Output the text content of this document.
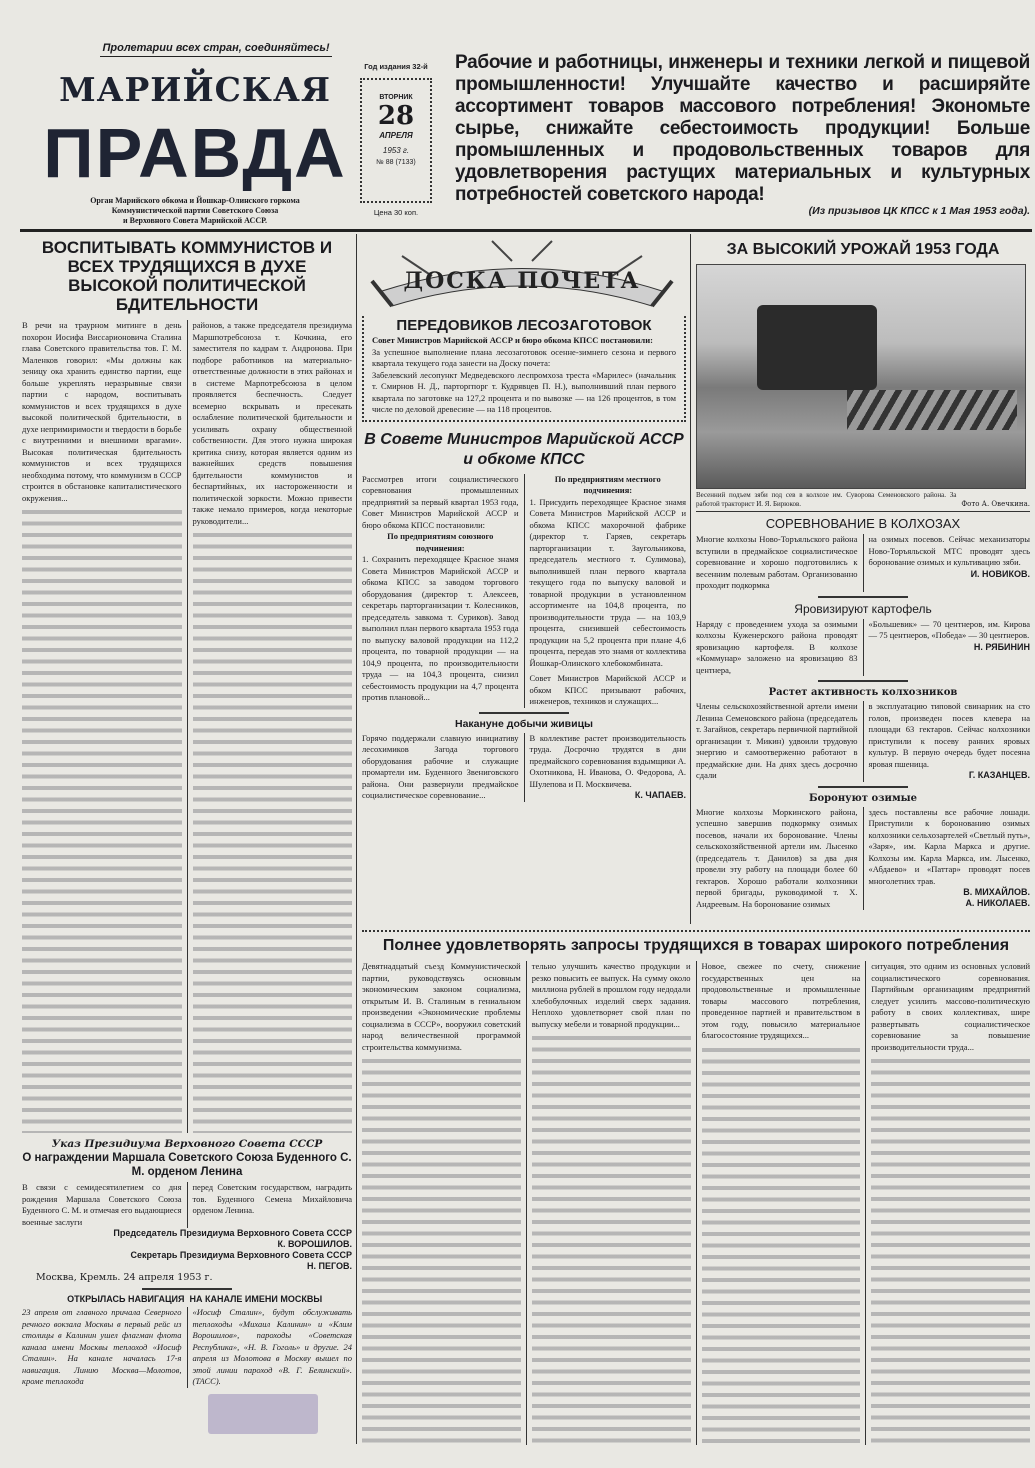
Пролетарии всех стран, соединяйтесь!
МАРИЙСКАЯ
ПРАВДА
Орган Марийского обкома и Йошкар-Олинского горкома
Коммунистической партии Советского Союза
и Верховного Совета Марийской АССР.
Год издания 32-й
ВТОРНИК
28
АПРЕЛЯ
1953 г.
№ 88 (7133)
Цена 30 коп.
Рабочие и работницы, инженеры и техники легкой и пищевой промышленности! Улучшайте качество и расширяйте ассортимент товаров массового потребления! Экономьте сырье, снижайте себестоимость продукции! Больше промышленных и продовольственных товаров для удовлетворения растущих материальных и культурных потребностей советского народа!
(Из призывов ЦК КПСС к 1 Мая 1953 года).
ВОСПИТЫВАТЬ КОММУНИСТОВ И ВСЕХ ТРУДЯЩИХСЯ В ДУХЕ ВЫСОКОЙ ПОЛИТИЧЕСКОЙ БДИТЕЛЬНОСТИ
В речи на траурном митинге в день похорон Иосифа Виссарионовича Сталина глава Советского правительства тов. Г. М. Маленков говорил: «Мы должны как зеницу ока хранить единство партии, еще больше укреплять неразрывные связи партии с народом, воспитывать коммунистов и всех трудящихся в духе высокой политической бдительности, в духе непримиримости и твердости в борьбе с внутренними и внешними врагами». Высокая политическая бдительность коммунистов и всех трудящихся необходима потому, что коммунизм в СССР строится в обстановке капиталистического окружения...
районов, а также председателя президиума Маршпотребсоюза т. Кочкина, его заместителя по кадрам т. Андронова. При подборе работников на материально-ответственные должности в этих районах и в системе Марпотребсоюза в целом проявляется беспечность. Следует всемерно вскрывать и пресекать ослабление политической бдительности и усиливать охрану общественной собственности. Для этого нужна широкая критика снизу, которая является одним из важнейших средств повышения бдительности коммунистов и беспартийных, их настороженности и политической зоркости. Можно привести также немало примеров, когда некоторые руководители...
Указ Президиума Верховного Совета СССР
О награждении Маршала Советского Союза Буденного С. М. орденом Ленина
В связи с семидесятилетием со дня рождения Маршала Советского Союза Буденного С. М. и отмечая его выдающиеся военные заслуги
перед Советским государством, наградить тов. Буденного Семена Михайловича орденом Ленина.
Председатель Президиума Верховного Совета СССР
К. ВОРОШИЛОВ.
Секретарь Президиума Верховного Совета СССР
Н. ПЕГОВ.
Москва, Кремль. 24 апреля 1953 г.
ОТКРЫЛАСЬ НАВИГАЦИЯ НА КАНАЛЕ ИМЕНИ МОСКВЫ
23 апреля от главного причала Северного речного вокзала Москвы в первый рейс из столицы в Калинин ушел флагман флота канала имени Москвы теплоход «Иосиф Сталин». На канале началась 17-я навигация. Линию Москва—Молотов, кроме теплохода
«Иосиф Сталин», будут обслуживать теплоходы «Михаил Калинин» и «Клим Ворошилов», пароходы «Советская Республика», «Н. В. Гоголь» и другие. 24 апреля из Молотова в Москву вышел по этой линии пароход «В. Г. Белинский». (ТАСС).
ДОСКА ПОЧЕТА
ПЕРЕДОВИКОВ ЛЕСОЗАГОТОВОК
Совет Министров Марийской АССР и бюро обкома КПСС постановили:
За успешное выполнение плана лесозаготовок осенне-зимнего сезона и первого квартала текущего года занести на Доску почета:
Забелевский лесопункт Медведевского леспромхоза треста «Марилес» (начальник т. Смирнов Н. Д., парторгпорг т. Кудрявцев П. Н.), выполнивший план первого квартала по заготовке на 127,2 процента и по вывозке — на 126 процентов, в том числе по деловой древесине — на 118 процентов.
В Совете Министров Марийской АССР
и обкоме КПСС
Рассмотрев итоги социалистического соревнования промышленных предприятий за первый квартал 1953 года, Совет Министров Марийской АССР и бюро обкома КПСС постановили:
По предприятиям союзного подчинения:
1. Сохранить переходящее Красное знамя Совета Министров Марийской АССР и обкома КПСС за заводом торгового оборудования (директор т. Алексеев, секретарь парторганизации т. Колесников, председатель завкома т. Суриков). Завод выполнил план первого квартала 1953 года по выпуску валовой продукции на 112,2 процента, по товарной продукции — на 104,9 процента, по производительности труда — на 104,3 процента, снизил себестоимость продукции на 4,7 процента против плановой...
По предприятиям местного подчинения:
1. Присудить переходящее Красное знамя Совета Министров Марийской АССР и обкома КПСС махорочной фабрике (директор т. Гаряев, секретарь парторганизации т. Заугольникова, председатель местного т. Сулимова), выполнившей план первого квартала текущего года по выпуску валовой и товарной продукции в установленном ассортименте на 104,8 процента, по производительности труда — на 103,9 процента, снизившей себестоимость продукции на 5,2 процента при плане 4,6 процента, передав это знамя от коллектива Йошкар-Олинского хлебокомбината.
Совет Министров Марийской АССР и обком КПСС призывают рабочих, инженеров, техников и служащих...
Накануне добычи живицы
Горячо поддержали славную инициативу лесохимиков Загода торгового оборудования рабочие и служащие промартели им. Буденного Звениговского района. Они развернули предмайское социалистическое соревнование...
В коллективе растет производительность труда. Досрочно трудятся в дни предмайского соревнования вздымщики А. Охотникова, Н. Иванова, О. Федорова, А. Шулепова и П. Москвичева.
К. ЧАПАЕВ.
ЗА ВЫСОКИЙ УРОЖАЙ 1953 ГОДА
Весенний подъем зяби под сев в колхозе им. Суворова Семеновского района. За работой тракторист И. Я. Бирюков.	Фото А. Овечкина.
СОРЕВНОВАНИЕ В КОЛХОЗАХ
Многие колхозы Ново-Торъяльского района вступили в предмайское социалистическое соревнование и хорошо подготовились к весенним полевым работам. Организованно проходит подкормка
на озимых посевов. Сейчас механизаторы Ново-Торъяльской МТС проводят здесь боронование озимых и культивацию зяби.
И. НОВИКОВ.
Яровизируют картофель
Наряду с проведением ухода за озимыми колхозы Куженерского района проводят яровизацию картофеля. В колхозе «Коммунар» заложено на яровизацию 83 центнера,
«Большевик» — 70 центнеров, им. Кирова — 75 центнеров, «Победа» — 30 центнеров.
Н. РЯБИНИН
Растет активность колхозников
Члены сельскохозяйственной артели имени Ленина Семеновского района (председатель т. Загайнов, секретарь первичной партийной организации т. Микин) удвоили трудовую энергию и самоотверженно работают в предмайские дни. На днях здесь досрочно сдали
в эксплуатацию типовой свинарник на сто голов, произведен посев клевера на площади 63 гектаров. Сейчас колхозники приступили к посеву ранних яровых культур. В первую очередь будет посеяна яровая пшеница.
Г. КАЗАНЦЕВ.
Боронуют озимые
Многие колхозы Моркинского района, успешно завершив подкормку озимых посевов, начали их боронование. Члены сельскохозяйственной артели им. Лысенко (председатель т. Данилов) за два дня провели эту работу на площади более 60 гектаров. Хорошо работали колхозники первой бригады, руководимой т. Х. Андреевым. На боронование озимых
здесь поставлены все рабочие лошади. Приступили к боронованию озимых колхозники сельхозартелей «Светлый путь», «Заря», им. Карла Маркса и другие. Колхозы им. Карла Маркса, им. Лысенко, «Абдаево» и «Паттар» проводят посев многолетних трав.
В. МИХАЙЛОВ.
А. НИКОЛАЕВ.
Полнее удовлетворять запросы трудящихся в товарах широкого потребления
Девятнадцатый съезд Коммунистической партии, руководствуясь основным экономическим законом социализма, открытым И. В. Сталиным в гениальном произведении «Экономические проблемы социализма в СССР», вооружил советский народ величественной программой строительства коммунизма.
тельно улучшить качество продукции и резко повысить ее выпуск. На сумму около миллиона рублей в прошлом году недодали хлебобулочных изделий сверх задания. Неплохо удовлетворяет свой план по выпуску мебели и товарной продукции...
Новое, свежее по счету, снижение государственных цен на продовольственные и промышленные товары массового потребления, проведенное партией и правительством в этом году, повысило материальное благосостояние трудящихся...
ситуация, это одним из основных условий социалистического соревнования. Партийным организациям предприятий следует усилить массово-политическую работу в своих коллективах, шире развертывать социалистическое соревнование за повышение производительности труда...
